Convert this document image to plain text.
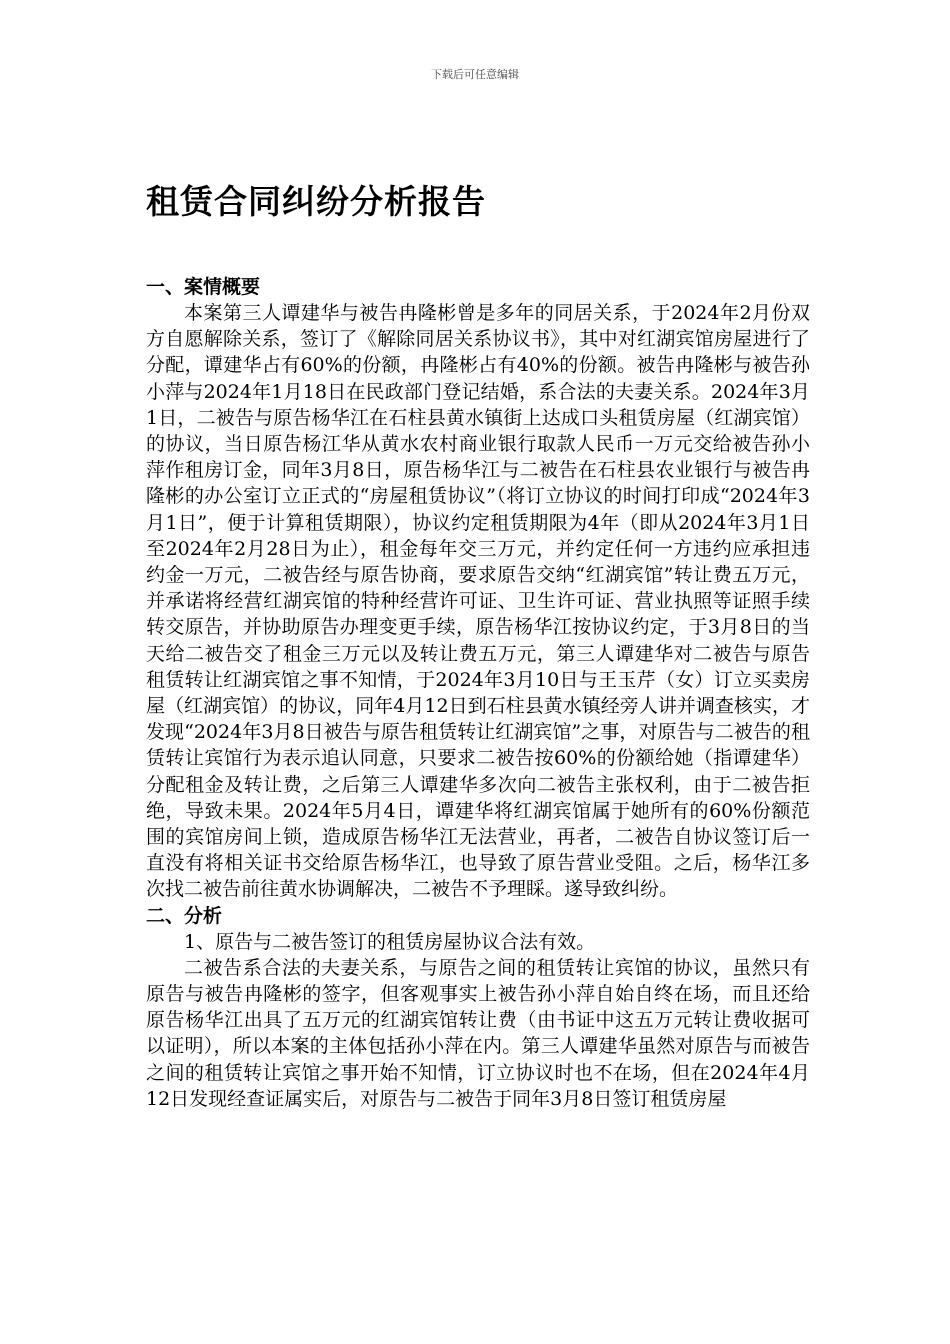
下载后可任意编辑
租赁合同纠纷分析报告
一、案情概要

本案第三人谭建华与被告冉隆彬曾是多年的同居关系，于2024年2月份双方自愿解除关系，签订了《解除同居关系协议书》，其中对红湖宾馆房屋进行了分配，谭建华占有60%的份额，冉隆彬占有40%的份额。被告冉隆彬与被告孙小萍与2024年1月18日在民政部门登记结婚，系合法的夫妻关系。2024年3月1日，二被告与原告杨华江在石柱县黄水镇街上达成口头租赁房屋（红湖宾馆）的协议，当日原告杨江华从黄水农村商业银行取款人民币一万元交给被告孙小萍作租房订金，同年3月8日，原告杨华江与二被告在石柱县农业银行与被告冉隆彬的办公室订立正式的“房屋租赁协议”（将订立协议的时间打印成“2024年3月1日”，便于计算租赁期限），协议约定租赁期限为4年（即从2024年3月1日至2024年2月28日为止），租金每年交三万元，并约定任何一方违约应承担违约金一万元，二被告经与原告协商，要求原告交纳“红湖宾馆”转让费五万元，并承诺将经营红湖宾馆的特种经营许可证、卫生许可证、营业执照等证照手续转交原告，并协助原告办理变更手续，原告杨华江按协议约定，于3月8日的当天给二被告交了租金三万元以及转让费五万元，第三人谭建华对二被告与原告租赁转让红湖宾馆之事不知情，于2024年3月10日与王玉芹（女）订立买卖房屋（红湖宾馆）的协议，同年4月12日到石柱县黄水镇经旁人讲并调查核实，才发现“2024年3月8日被告与原告租赁转让红湖宾馆”之事，对原告与二被告的租赁转让宾馆行为表示追认同意，只要求二被告按60%的份额给她（指谭建华）分配租金及转让费，之后第三人谭建华多次向二被告主张权利，由于二被告拒绝，导致未果。2024年5月4日，谭建华将红湖宾馆属于她所有的60%份额范围的宾馆房间上锁，造成原告杨华江无法营业，再者，二被告自协议签订后一直没有将相关证书交给原告杨华江，也导致了原告营业受阻。之后，杨华江多次找二被告前往黄水协调解决，二被告不予理睬。遂导致纠纷。

二、分析

1、原告与二被告签订的租赁房屋协议合法有效。

二被告系合法的夫妻关系，与原告之间的租赁转让宾馆的协议，虽然只有原告与被告冉隆彬的签字，但客观事实上被告孙小萍自始自终在场，而且还给原告杨华江出具了五万元的红湖宾馆转让费（由书证中这五万元转让费收据可以证明），所以本案的主体包括孙小萍在内。第三人谭建华虽然对原告与而被告之间的租赁转让宾馆之事开始不知情，订立协议时也不在场，但在2024年4月12日发现经查证属实后，对原告与二被告于同年3月8日签订租赁房屋
